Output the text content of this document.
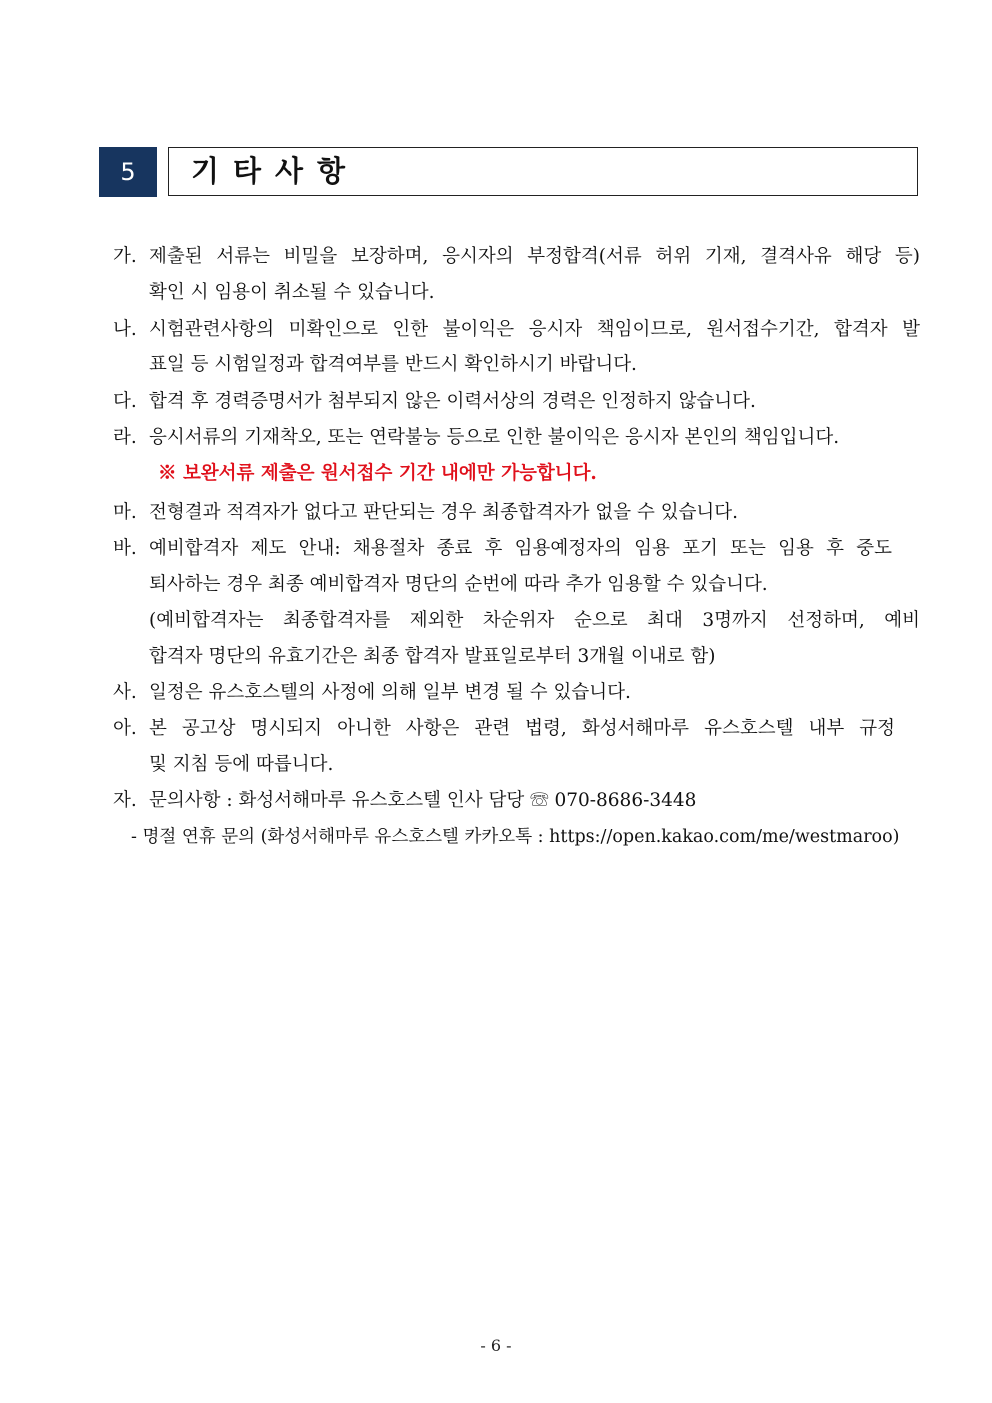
5	기타사항
가. 제출된 서류는 비밀을 보장하며, 응시자의 부정합격(서류 허위 기재, 결격사유 해당 등)
확인 시 임용이 취소될 수 있습니다.
나. 시험관련사항의 미확인으로 인한 불이익은 응시자 책임이므로, 원서접수기간, 합격자 발
표일 등 시험일정과 합격여부를 반드시 확인하시기 바랍니다.
다. 합격 후 경력증명서가 첨부되지 않은 이력서상의 경력은 인정하지 않습니다.
라. 응시서류의 기재착오, 또는 연락불능 등으로 인한 불이익은 응시자 본인의 책임입니다.
※ 보완서류 제출은 원서접수 기간 내에만 가능합니다.
마. 전형결과 적격자가 없다고 판단되는 경우 최종합격자가 없을 수 있습니다.
바. 예비합격자 제도 안내: 채용절차 종료 후 임용예정자의 임용 포기 또는 임용 후 중도
퇴사하는 경우 최종 예비합격자 명단의 순번에 따라 추가 임용할 수 있습니다.
(예비합격자는 최종합격자를 제외한 차순위자 순으로 최대 3명까지 선정하며, 예비
합격자 명단의 유효기간은 최종 합격자 발표일로부터 3개월 이내로 함)
사. 일정은 유스호스텔의 사정에 의해 일부 변경 될 수 있습니다.
아. 본 공고상 명시되지 아니한 사항은 관련 법령, 화성서해마루 유스호스텔 내부 규정
및 지침 등에 따릅니다.
자. 문의사항 : 화성서해마루 유스호스텔 인사 담당 ☏ 070-8686-3448
- 명절 연휴 문의 (화성서해마루 유스호스텔 카카오톡 : https://open.kakao.com/me/westmaroo)
- 6 -
